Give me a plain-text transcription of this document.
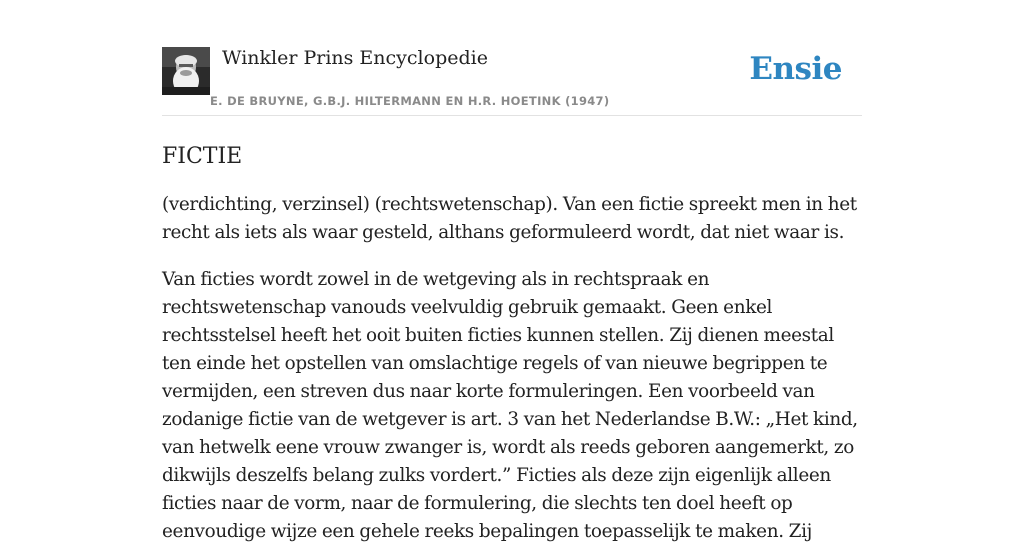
Winkler Prins Encyclopedie
E. DE BRUYNE, G.B.J. HILTERMANN EN H.R. HOETINK (1947)
Ensie
FICTIE

(verdichting, verzinsel) (rechtswetenschap). Van een fictie spreekt men in het recht als iets als waar gesteld, althans geformuleerd wordt, dat niet waar is.

Van ficties wordt zowel in de wetgeving als in rechtspraak en rechtswetenschap vanouds veelvuldig gebruik gemaakt. Geen enkel rechtsstelsel heeft het ooit buiten ficties kunnen stellen. Zij dienen meestal ten einde het opstellen van omslachtige regels of van nieuwe begrippen te vermijden, een streven dus naar korte formuleringen. Een voorbeeld van zodanige fictie van de wetgever is art. 3 van het Nederlandse B.W.: „Het kind, van hetwelk eene vrouw zwanger is, wordt als reeds geboren aangemerkt, zo dikwijls deszelfs belang zulks vordert.” Ficties als deze zijn eigenlijk alleen ficties naar de vorm, naar de formulering, die slechts ten doel heeft op eenvoudige wijze een gehele reeks bepalingen toepasselijk te maken. Zij
